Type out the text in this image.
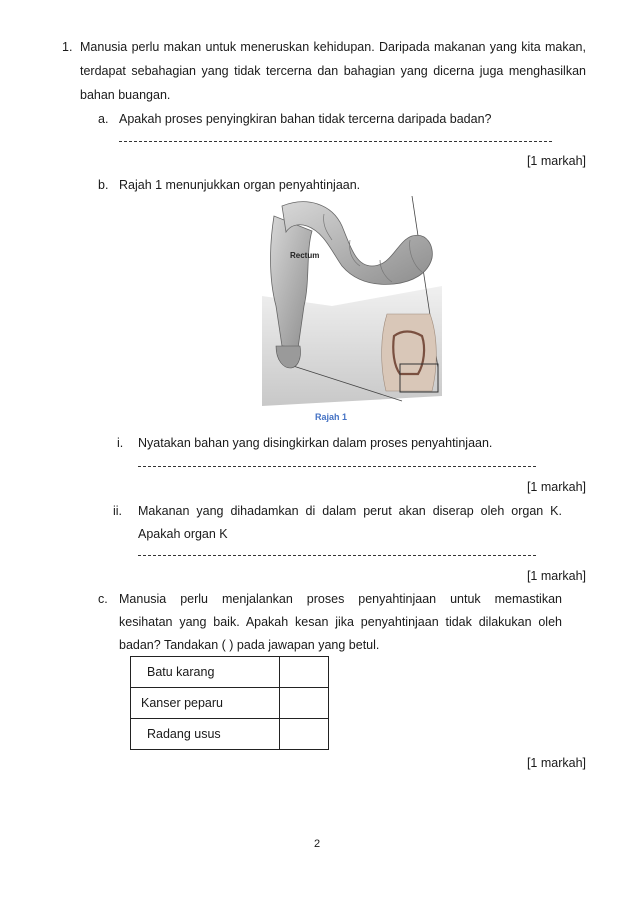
1. Manusia perlu makan untuk meneruskan kehidupan. Daripada makanan yang kita makan,
terdapat sebahagian yang tidak tercerna dan bahagian yang dicerna juga menghasilkan
bahan buangan.
a. Apakah proses penyingkiran bahan tidak tercerna daripada badan?
[1 markah]
b. Rajah 1 menunjukkan organ penyahtinjaan.
Rectum
Rajah 1
i. Nyatakan bahan yang disingkirkan dalam proses penyahtinjaan.
[1 markah]
ii. Makanan yang dihadamkan di dalam perut akan diserap oleh organ K.
Apakah organ K
[1 markah]
c. Manusia perlu menjalankan proses penyahtinjaan untuk memastikan
kesihatan yang baik. Apakah kesan jika penyahtinjaan tidak dilakukan oleh
badan? Tandakan ( ) pada jawapan yang betul.
Batu karang	
Kanser peparu	
Radang usus	
[1 markah]
2
